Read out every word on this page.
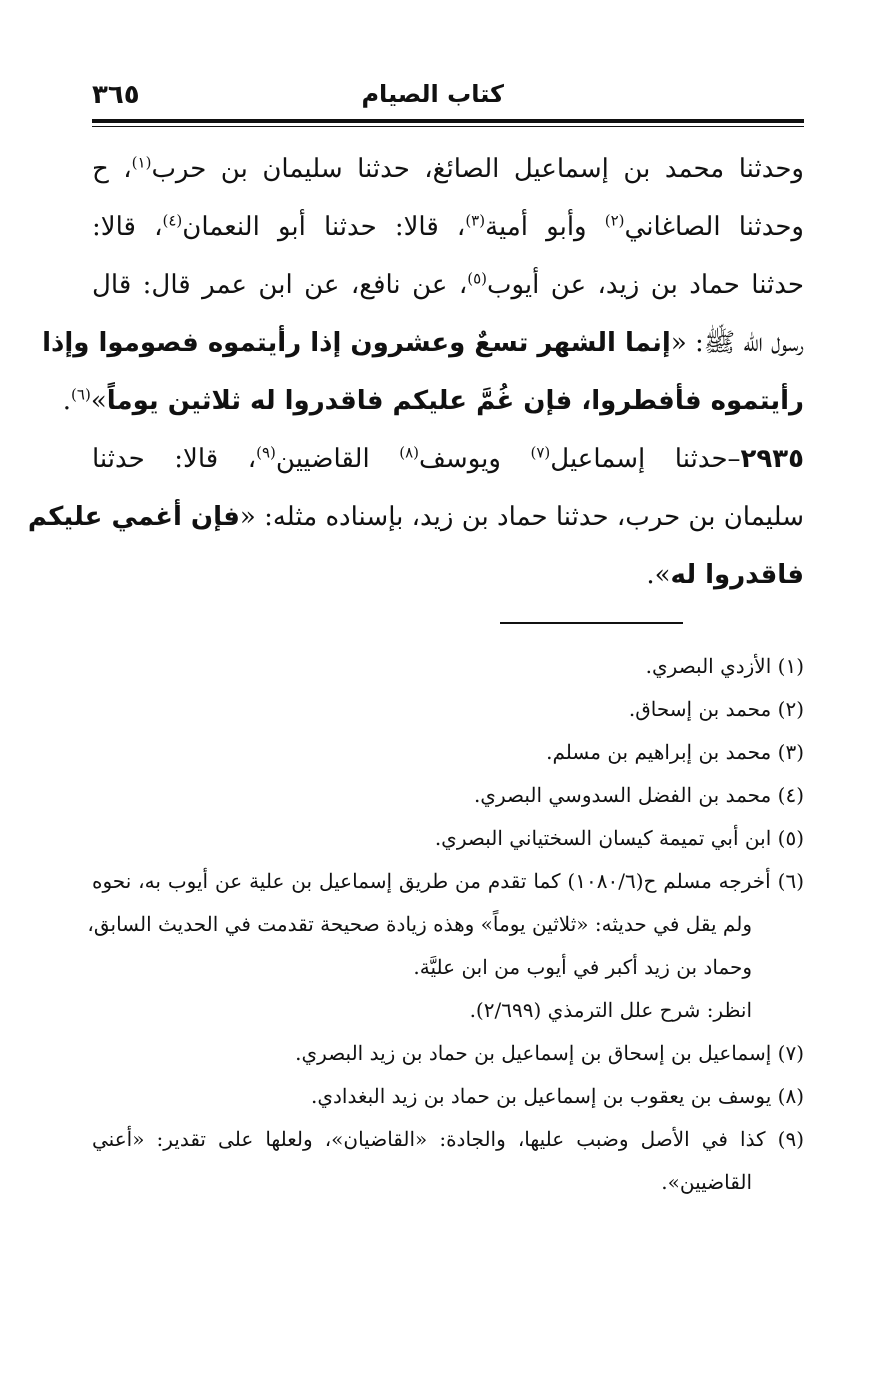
كتاب الصيام
٣٦٥
وحدثنا محمد بن إسماعيل الصائغ، حدثنا سليمان بن حرب$^{(١)}$، ح
وحدثنا الصاغاني$^{(٢)}$ وأبو أمية$^{(٣)}$، قالا: حدثنا أبو النعمان$^{(٤)}$، قالا:
حدثنا حماد بن زيد، عن أيوب$^{(٥)}$، عن نافع، عن ابن عمر قال: قال
رسول الله ﷺ: «إنما الشهر تسعٌ وعشرون إذا رأيتموه فصوموا وإذا
رأيتموه فأفطروا، فإن غُمَّ عليكم فاقدروا له ثلاثين يوماً»$^{(٦)}$.
٢٩٣٥–حدثنا إسماعيل$^{(٧)}$ ويوسف$^{(٨)}$ القاضيين$^{(٩)}$، قالا: حدثنا
سليمان بن حرب، حدثنا حماد بن زيد، بإسناده مثله: «فإن أغمي عليكم
فاقدروا له».
(١) الأزدي البصري.
(٢) محمد بن إسحاق.
(٣) محمد بن إبراهيم بن مسلم.
(٤) محمد بن الفضل السدوسي البصري.
(٥) ابن أبي تميمة كيسان السختياني البصري.
(٦) أخرجه مسلم ح(١٠٨٠/٦) كما تقدم من طريق إسماعيل بن علية عن أيوب به، نحوه
ولم يقل في حديثه: «ثلاثين يوماً» وهذه زيادة صحيحة تقدمت في الحديث السابق،
وحماد بن زيد أكبر في أيوب من ابن عليَّة.
انظر: شرح علل الترمذي (٢/٦٩٩).
(٧) إسماعيل بن إسحاق بن إسماعيل بن حماد بن زيد البصري.
(٨) يوسف بن يعقوب بن إسماعيل بن حماد بن زيد البغدادي.
(٩) كذا في الأصل وضبب عليها، والجادة: «القاضيان»، ولعلها على تقدير: «أعني
القاضيين».
